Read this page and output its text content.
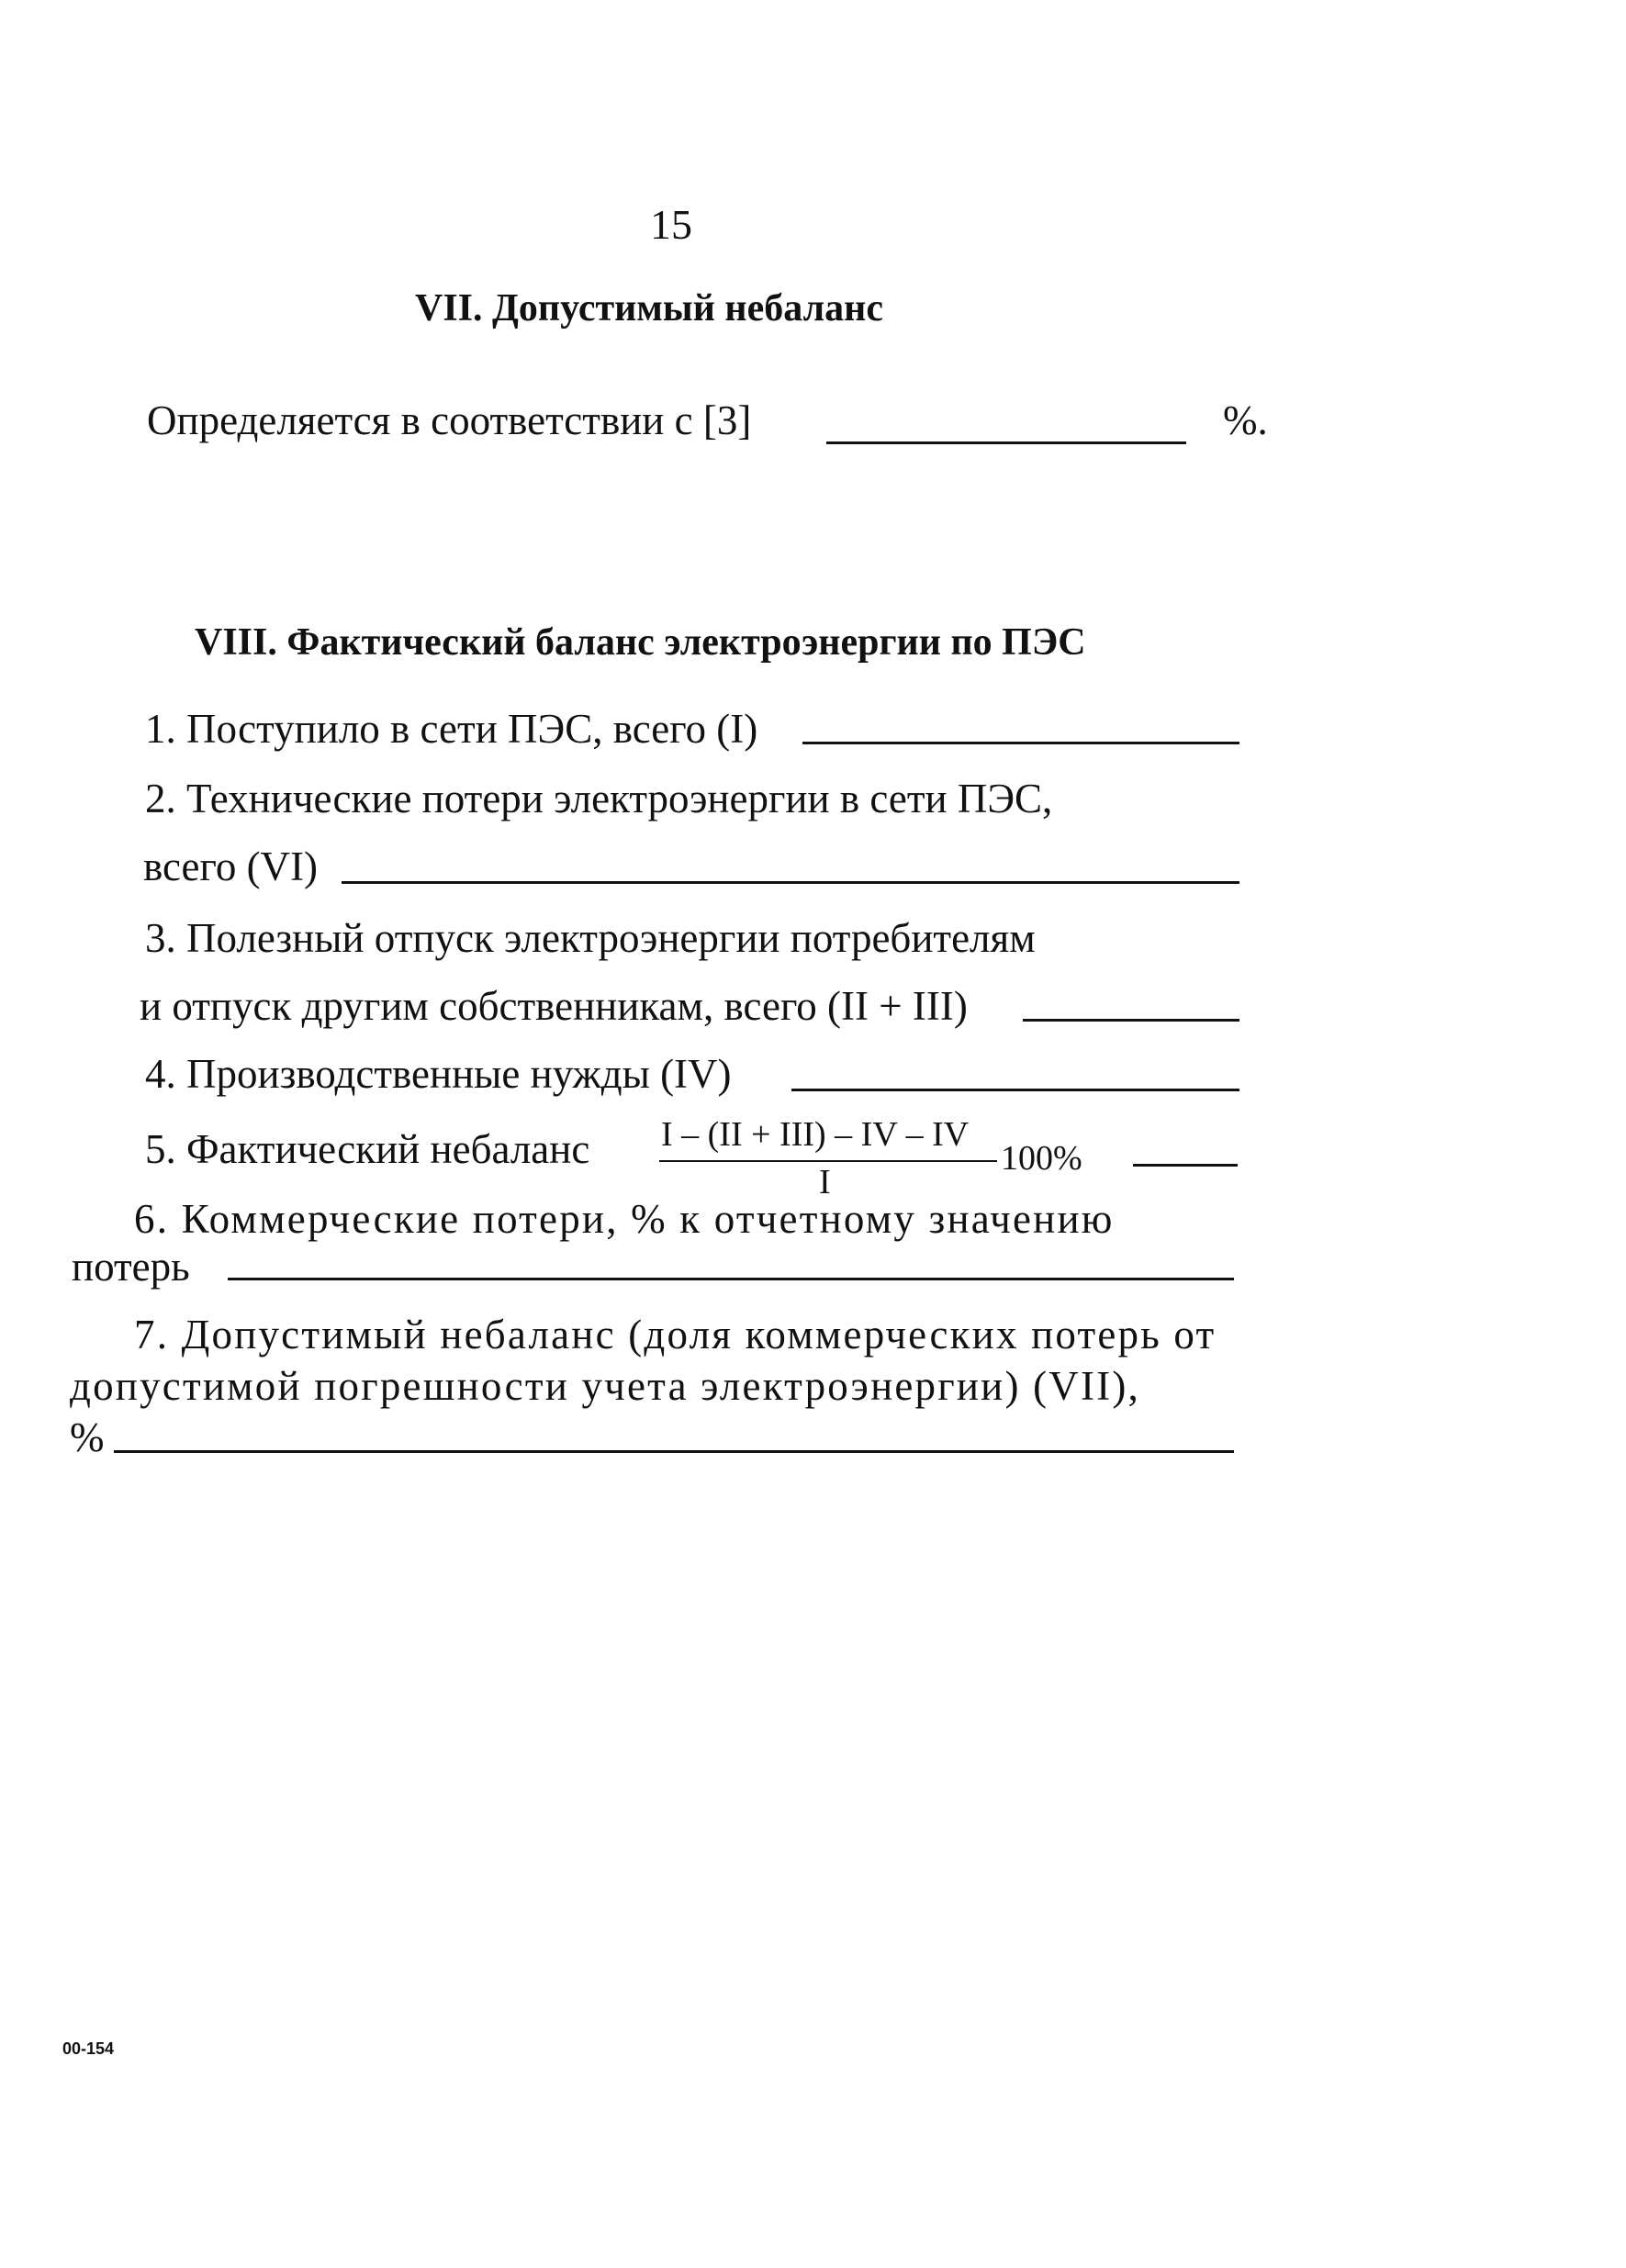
15
VII. Допустимый небаланс
Определяется в соответствии с [3]	%.
VIII. Фактический баланс электроэнергии по ПЭС
1. Поступило в сети ПЭС, всего (I)
2. Технические потери электроэнергии в сети ПЭС,
всего (VI)
3. Полезный отпуск электроэнергии потребителям
и отпуск другим собственникам, всего (II + III)
4. Производственные нужды (IV)
5. Фактический небаланс I – (II + III) – IV – IV
100%
I
6. Коммерческие потери, % к отчетному значению
потерь
7. Допустимый небаланс (доля коммерческих потерь от
допустимой погрешности учета электроэнергии) (VII),
%
00-154
